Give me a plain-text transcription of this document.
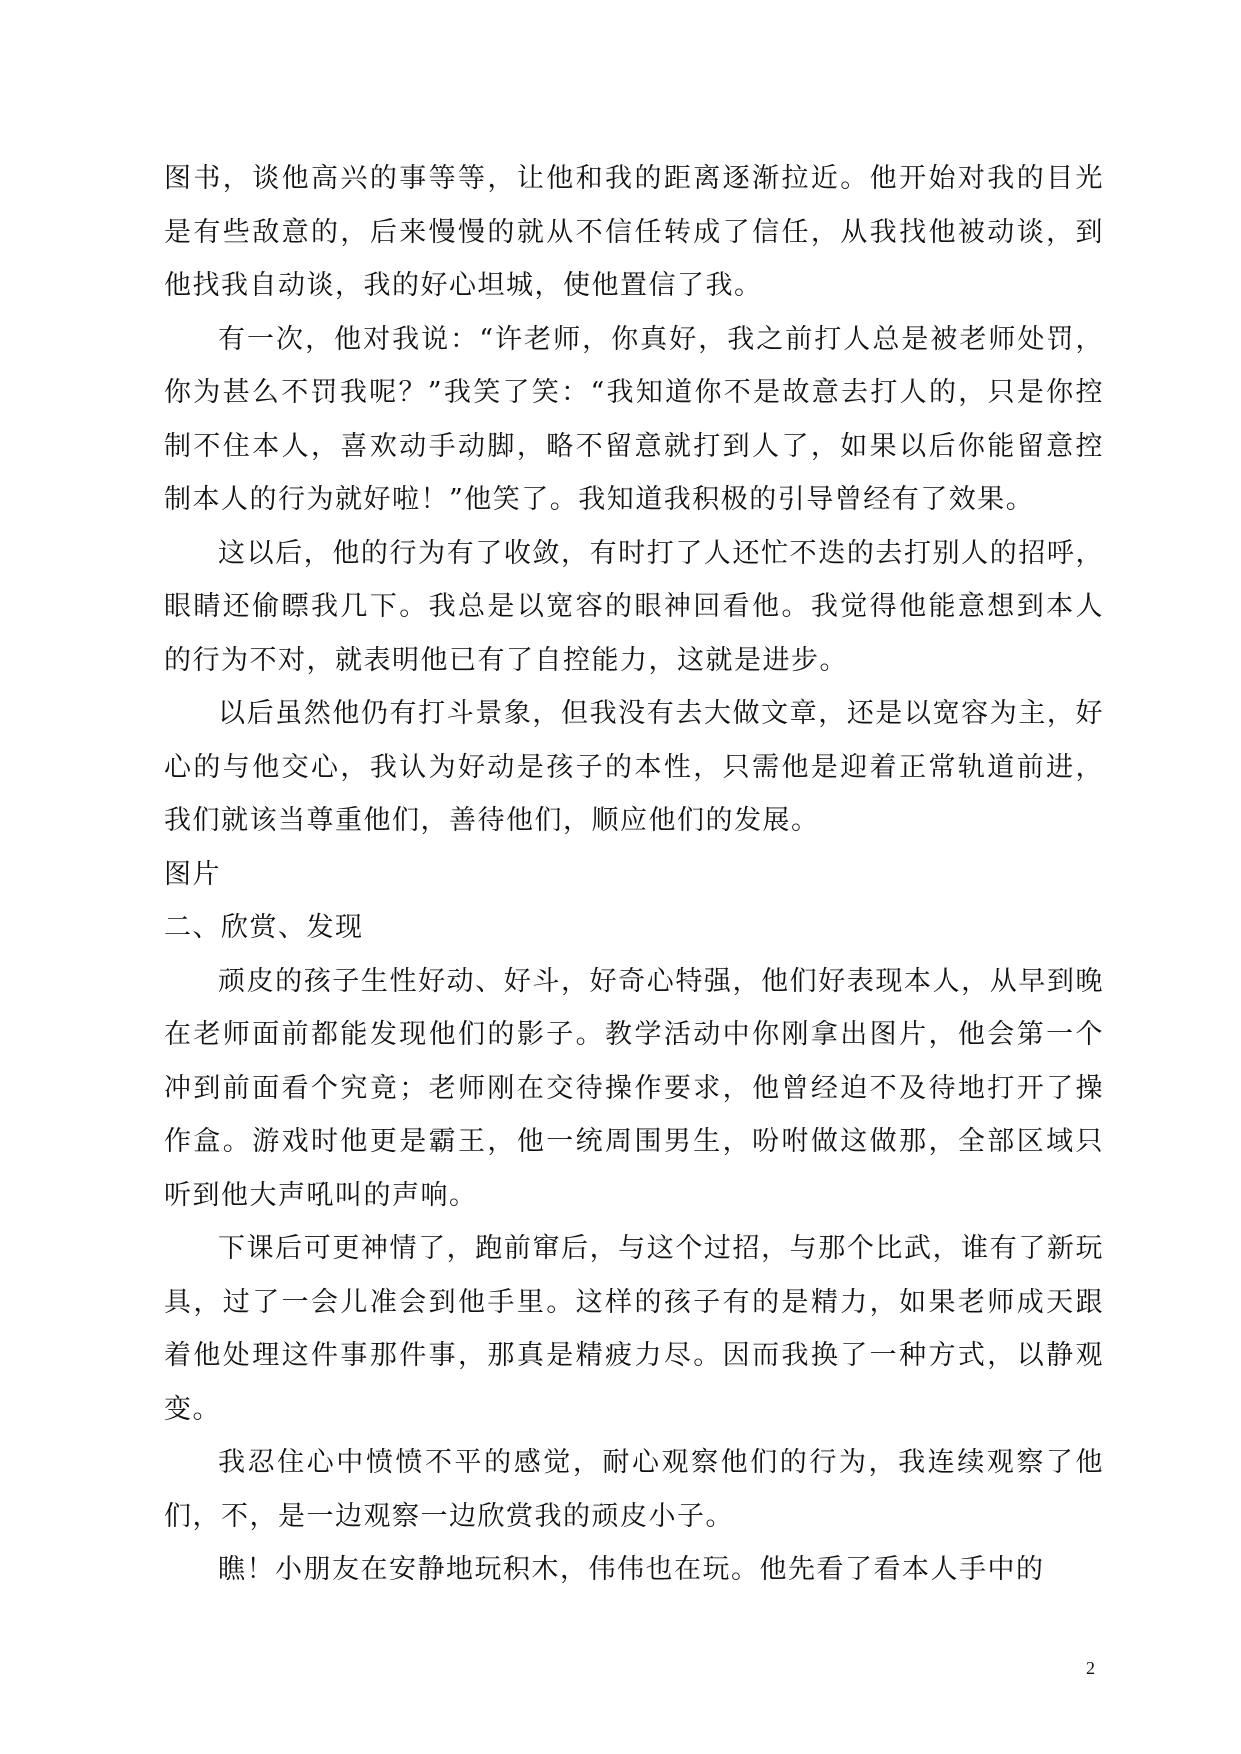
图书，谈他高兴的事等等，让他和我的距离逐渐拉近。他开始对我的目光是有些敌意的，后来慢慢的就从不信任转成了信任，从我找他被动谈，到他找我自动谈，我的好心坦城，使他置信了我。

有一次，他对我说：“许老师，你真好，我之前打人总是被老师处罚，你为甚么不罚我呢？”我笑了笑：“我知道你不是故意去打人的，只是你控制不住本人，喜欢动手动脚，略不留意就打到人了，如果以后你能留意控制本人的行为就好啦！”他笑了。我知道我积极的引导曾经有了效果。

这以后，他的行为有了收敛，有时打了人还忙不迭的去打别人的招呼，眼睛还偷瞟我几下。我总是以宽容的眼神回看他。我觉得他能意想到本人的行为不对，就表明他已有了自控能力，这就是进步。

以后虽然他仍有打斗景象，但我没有去大做文章，还是以宽容为主，好心的与他交心，我认为好动是孩子的本性，只需他是迎着正常轨道前进，我们就该当尊重他们，善待他们，顺应他们的发展。

图片

二、欣赏、发现

顽皮的孩子生性好动、好斗，好奇心特强，他们好表现本人，从早到晚在老师面前都能发现他们的影子。教学活动中你刚拿出图片，他会第一个冲到前面看个究竟；老师刚在交待操作要求，他曾经迫不及待地打开了操作盒。游戏时他更是霸王，他一统周围男生，吩咐做这做那，全部区域只听到他大声吼叫的声响。

下课后可更神情了，跑前窜后，与这个过招，与那个比武，谁有了新玩具，过了一会儿准会到他手里。这样的孩子有的是精力，如果老师成天跟着他处理这件事那件事，那真是精疲力尽。因而我换了一种方式，以静观变。

我忍住心中愤愤不平的感觉，耐心观察他们的行为，我连续观察了他们，不，是一边观察一边欣赏我的顽皮小子。

瞧！小朋友在安静地玩积木，伟伟也在玩。他先看了看本人手中的

2
